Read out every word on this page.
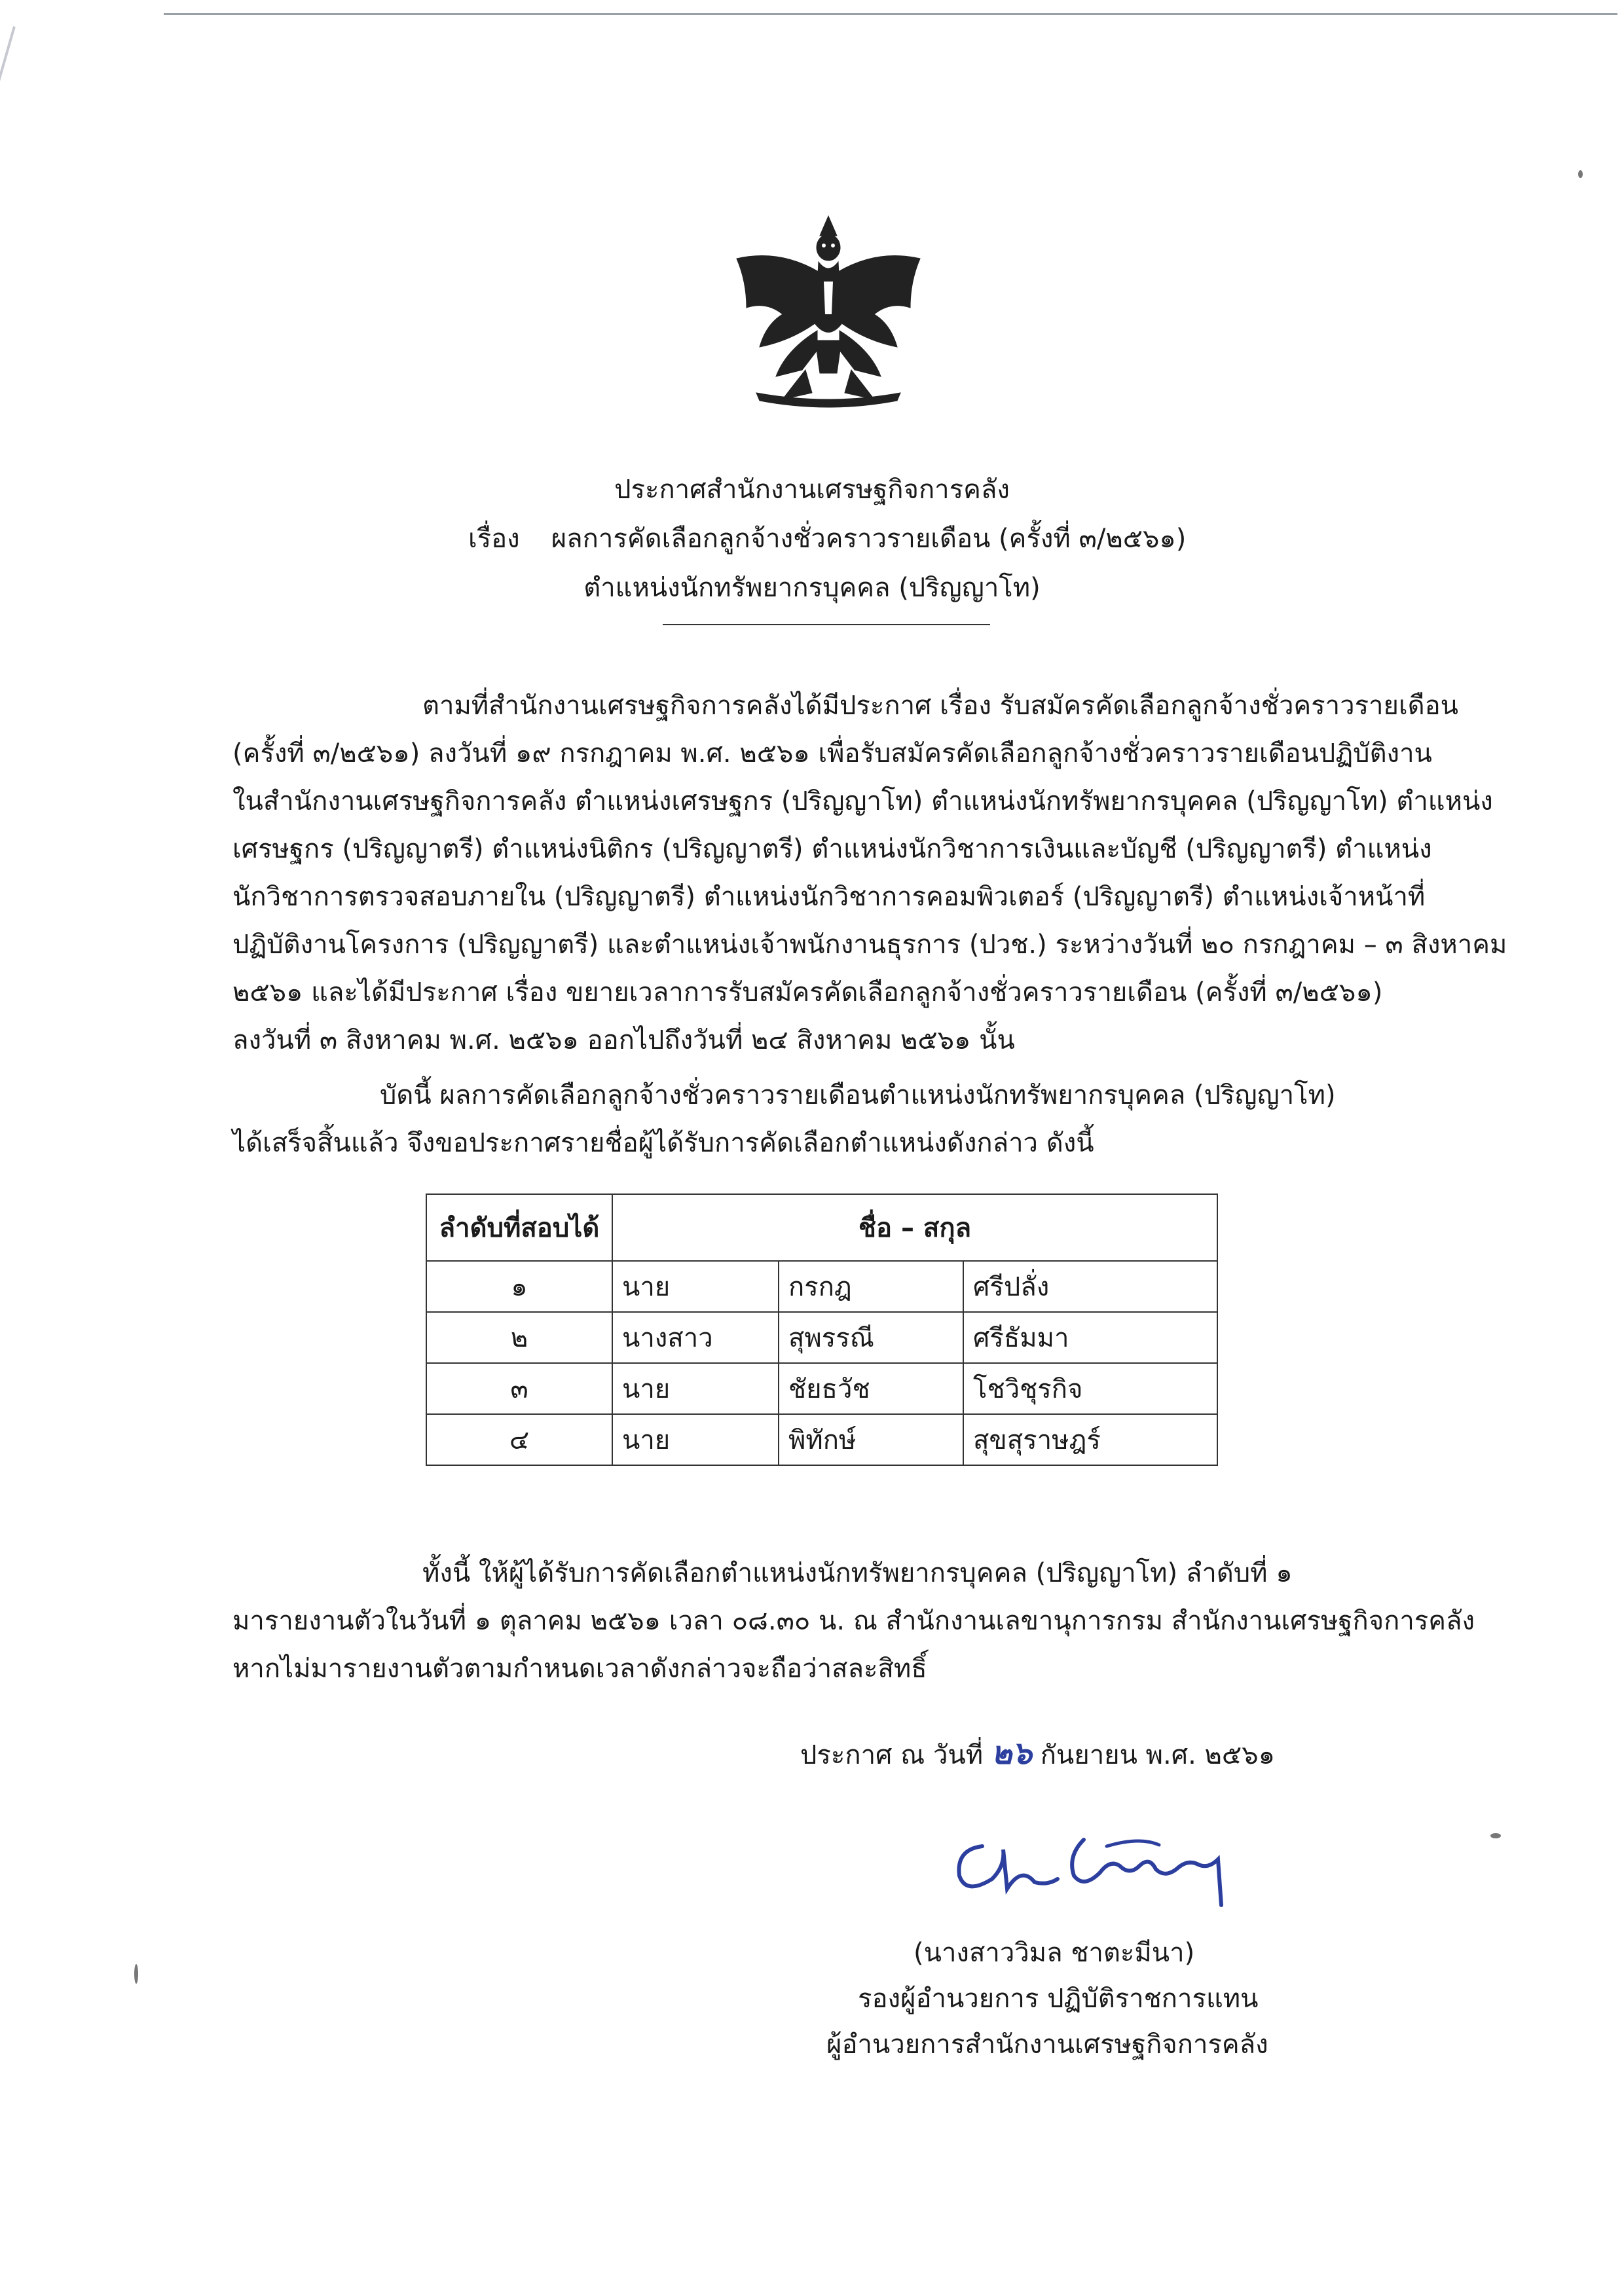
ประกาศสำนักงานเศรษฐกิจการคลัง
เรื่อง ผลการคัดเลือกลูกจ้างชั่วคราวรายเดือน (ครั้งที่ ๓/๒๕๖๑)
ตำแหน่งนักทรัพยากรบุคคล (ปริญญาโท)
ตามที่สำนักงานเศรษฐกิจการคลังได้มีประกาศ เรื่อง รับสมัครคัดเลือกลูกจ้างชั่วคราวรายเดือน
(ครั้งที่ ๓/๒๕๖๑) ลงวันที่ ๑๙ กรกฎาคม พ.ศ. ๒๕๖๑ เพื่อรับสมัครคัดเลือกลูกจ้างชั่วคราวรายเดือนปฏิบัติงาน
ในสำนักงานเศรษฐกิจการคลัง ตำแหน่งเศรษฐกร (ปริญญาโท) ตำแหน่งนักทรัพยากรบุคคล (ปริญญาโท) ตำแหน่ง
เศรษฐกร (ปริญญาตรี) ตำแหน่งนิติกร (ปริญญาตรี) ตำแหน่งนักวิชาการเงินและบัญชี (ปริญญาตรี) ตำแหน่ง
นักวิชาการตรวจสอบภายใน (ปริญญาตรี) ตำแหน่งนักวิชาการคอมพิวเตอร์ (ปริญญาตรี) ตำแหน่งเจ้าหน้าที่
ปฏิบัติงานโครงการ (ปริญญาตรี) และตำแหน่งเจ้าพนักงานธุรการ (ปวช.) ระหว่างวันที่ ๒๐ กรกฎาคม – ๓ สิงหาคม
๒๕๖๑ และได้มีประกาศ เรื่อง ขยายเวลาการรับสมัครคัดเลือกลูกจ้างชั่วคราวรายเดือน (ครั้งที่ ๓/๒๕๖๑)
ลงวันที่ ๓ สิงหาคม พ.ศ. ๒๕๖๑ ออกไปถึงวันที่ ๒๔ สิงหาคม ๒๕๖๑ นั้น
บัดนี้ ผลการคัดเลือกลูกจ้างชั่วคราวรายเดือนตำแหน่งนักทรัพยากรบุคคล (ปริญญาโท)
ได้เสร็จสิ้นแล้ว จึงขอประกาศรายชื่อผู้ได้รับการคัดเลือกตำแหน่งดังกล่าว ดังนี้
ลำดับที่สอบได้	ชื่อ – สกุล		
๑	นาย	กรกฎ	ศรีปลั่ง
๒	นางสาว	สุพรรณี	ศรีธัมมา
๓	นาย	ชัยธวัช	โชวิชุรกิจ
๔	นาย	พิทักษ์	สุขสุราษฎร์
ทั้งนี้ ให้ผู้ได้รับการคัดเลือกตำแหน่งนักทรัพยากรบุคคล (ปริญญาโท) ลำดับที่ ๑
มารายงานตัวในวันที่ ๑ ตุลาคม ๒๕๖๑ เวลา ๐๘.๓๐ น. ณ สำนักงานเลขานุการกรม สำนักงานเศรษฐกิจการคลัง
หากไม่มารายงานตัวตามกำหนดเวลาดังกล่าวจะถือว่าสละสิทธิ์
ประกาศ ณ วันที่ ๒๖ กันยายน พ.ศ. ๒๕๖๑
(นางสาววิมล ชาตะมีนา)
รองผู้อำนวยการ ปฏิบัติราชการแทน
ผู้อำนวยการสำนักงานเศรษฐกิจการคลัง
